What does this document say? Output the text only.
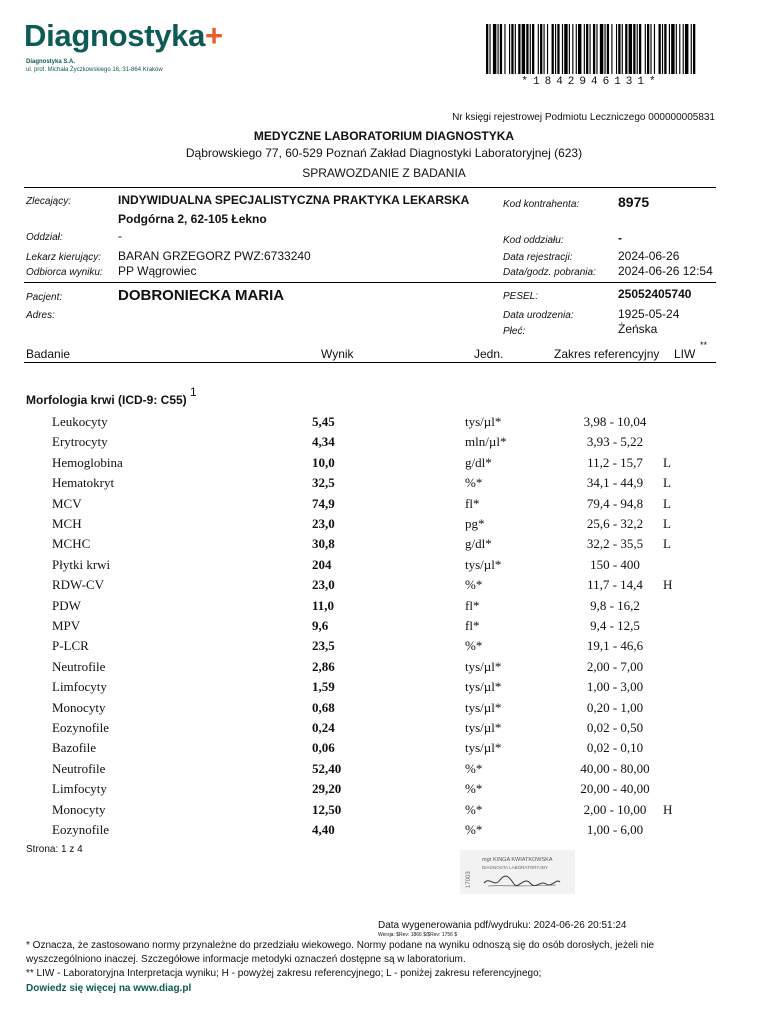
Diagnostyka+
Diagnostyka S.A.
ul. prof. Michała Życzkowskiego 16, 31-864 Kraków
*1842946131*
Nr księgi rejestrowej Podmiotu Leczniczego 000000005831
MEDYCZNE LABORATORIUM DIAGNOSTYKA
Dąbrowskiego 77, 60-529 Poznań Zakład Diagnostyki Laboratoryjnej (623)
SPRAWOZDANIE Z BADANIA
Zlecający:	INDYWIDUALNA SPECJALISTYCZNA PRAKTYKA LEKARSKA
Podgórna 2, 62-105 Łekno
Kod kontrahenta:	8975
Oddział:	-	Kod oddziału:	-
Lekarz kierujący: BARAN GRZEGORZ PWZ:6733240	Data rejestracji:	2024-06-26
Odbiorca wyniku: PP Wągrowiec	Data/godz. pobrania: 2024-06-26 12:54
Pacjent:	DOBRONIECKA MARIA	PESEL:	25052405740
Adres:	Data urodzenia:	1925-05-24
Płeć:	Żeńska
Badanie	Wynik	Jedn.	Zakres referencyjny LIW
**
Morfologia krwi (ICD-9: C55) $^1$
Leukocyty	5,45	tys/µl*	3,98 - 10,04
Erytrocyty	4,34	mln/µl*	3,93 - 5,22
Hemoglobina	10,0	g/dl*	11,2 - 15,7	L
Hematokryt	32,5	%*	34,1 - 44,9	L
MCV	74,9	fl*	79,4 - 94,8	L
MCH	23,0	pg*	25,6 - 32,2	L
MCHC	30,8	g/dl*	32,2 - 35,5	L
Płytki krwi	204	tys/µl*	150 - 400
RDW-CV	23,0	%*	11,7 - 14,4	H
PDW	11,0	fl*	9,8 - 16,2
MPV	9,6	fl*	9,4 - 12,5
P-LCR	23,5	%*	19,1 - 46,6
Neutrofile	2,86	tys/µl*	2,00 - 7,00
Limfocyty	1,59	tys/µl*	1,00 - 3,00
Monocyty	0,68	tys/µl*	0,20 - 1,00
Eozynofile	0,24	tys/µl*	0,02 - 0,50
Bazofile	0,06	tys/µl*	0,02 - 0,10
Neutrofile	52,40	%*	40,00 - 80,00
Limfocyty	29,20	%*	20,00 - 40,00
Monocyty	12,50	%*	2,00 - 10,00	H
Eozynofile	4,40	%*	1,00 - 6,00
Strona: 1 z 4
17003
mgr KINGA KWIATKOWSKA
DIAGNOSTA LABORATORYJNY
Data wygenerowania pdf/wydruku: 2024-06-26 20:51:24
Wersja: $Rev: 1866 $/$Rev: 1756 $
* Oznacza, że zastosowano normy przynależne do przedziału wiekowego. Normy podane na wyniku odnoszą się do osób dorosłych, jeżeli nie
wyszczególniono inaczej. Szczegółowe informacje metodyki oznaczeń dostępne są w laboratorium.
** LIW - Laboratoryjna Interpretacja wyniku; H - powyżej zakresu referencyjnego; L - poniżej zakresu referencyjnego;
Dowiedz się więcej na www.diag.pl
